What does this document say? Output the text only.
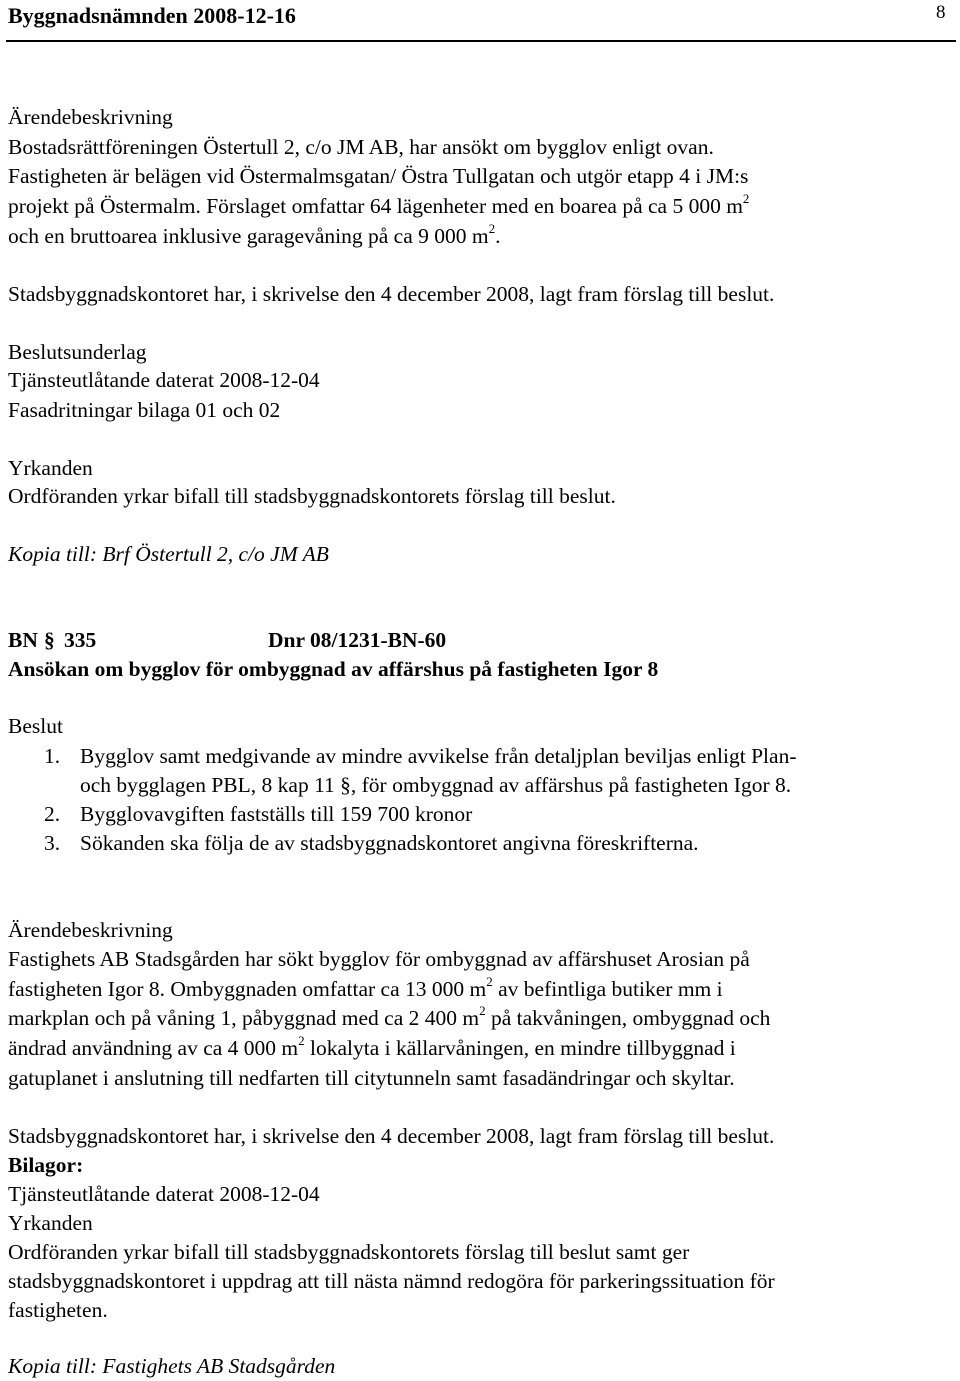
Byggnadsnämnden 2008-12-16	8
Ärendebeskrivning
Bostadsrättföreningen Östertull 2, c/o JM AB, har ansökt om bygglov enligt ovan.
Fastigheten är belägen vid Östermalmsgatan/ Östra Tullgatan och utgör etapp 4 i JM:s
projekt på Östermalm. Förslaget omfattar 64 lägenheter med en boarea på ca 5 000 $m^2$
och en bruttoarea inklusive garagevåning på ca 9 000 $m^2$.
Stadsbyggnadskontoret har, i skrivelse den 4 december 2008, lagt fram förslag till beslut.
Beslutsunderlag
Tjänsteutlåtande daterat 2008-12-04
Fasadritningar bilaga 01 och 02
Yrkanden
Ordföranden yrkar bifall till stadsbyggnadskontorets förslag till beslut.
Kopia till: Brf Östertull 2, c/o JM AB
BN § 335	Dnr 08/1231-BN-60
Ansökan om bygglov för ombyggnad av affärshus på fastigheten Igor 8
Beslut
1. Bygglov samt medgivande av mindre avvikelse från detaljplan beviljas enligt Plan-
och bygglagen PBL, 8 kap 11 §, för ombyggnad av affärshus på fastigheten Igor 8.
2. Bygglovavgiften fastställs till 159 700 kronor
3. Sökanden ska följa de av stadsbyggnadskontoret angivna föreskrifterna.
Ärendebeskrivning
Fastighets AB Stadsgården har sökt bygglov för ombyggnad av affärshuset Arosian på
fastigheten Igor 8. Ombyggnaden omfattar ca 13 000 $m^2$ av befintliga butiker mm i
markplan och på våning 1, påbyggnad med ca 2 400 $m^2$ på takvåningen, ombyggnad och
ändrad användning av ca 4 000 $m^2$ lokalyta i källarvåningen, en mindre tillbyggnad i
gatuplanet i anslutning till nedfarten till citytunneln samt fasadändringar och skyltar.
Stadsbyggnadskontoret har, i skrivelse den 4 december 2008, lagt fram förslag till beslut.
Bilagor:
Tjänsteutlåtande daterat 2008-12-04
Yrkanden
Ordföranden yrkar bifall till stadsbyggnadskontorets förslag till beslut samt ger
stadsbyggnadskontoret i uppdrag att till nästa nämnd redogöra för parkeringssituation för
fastigheten.
Kopia till: Fastighets AB Stadsgården
